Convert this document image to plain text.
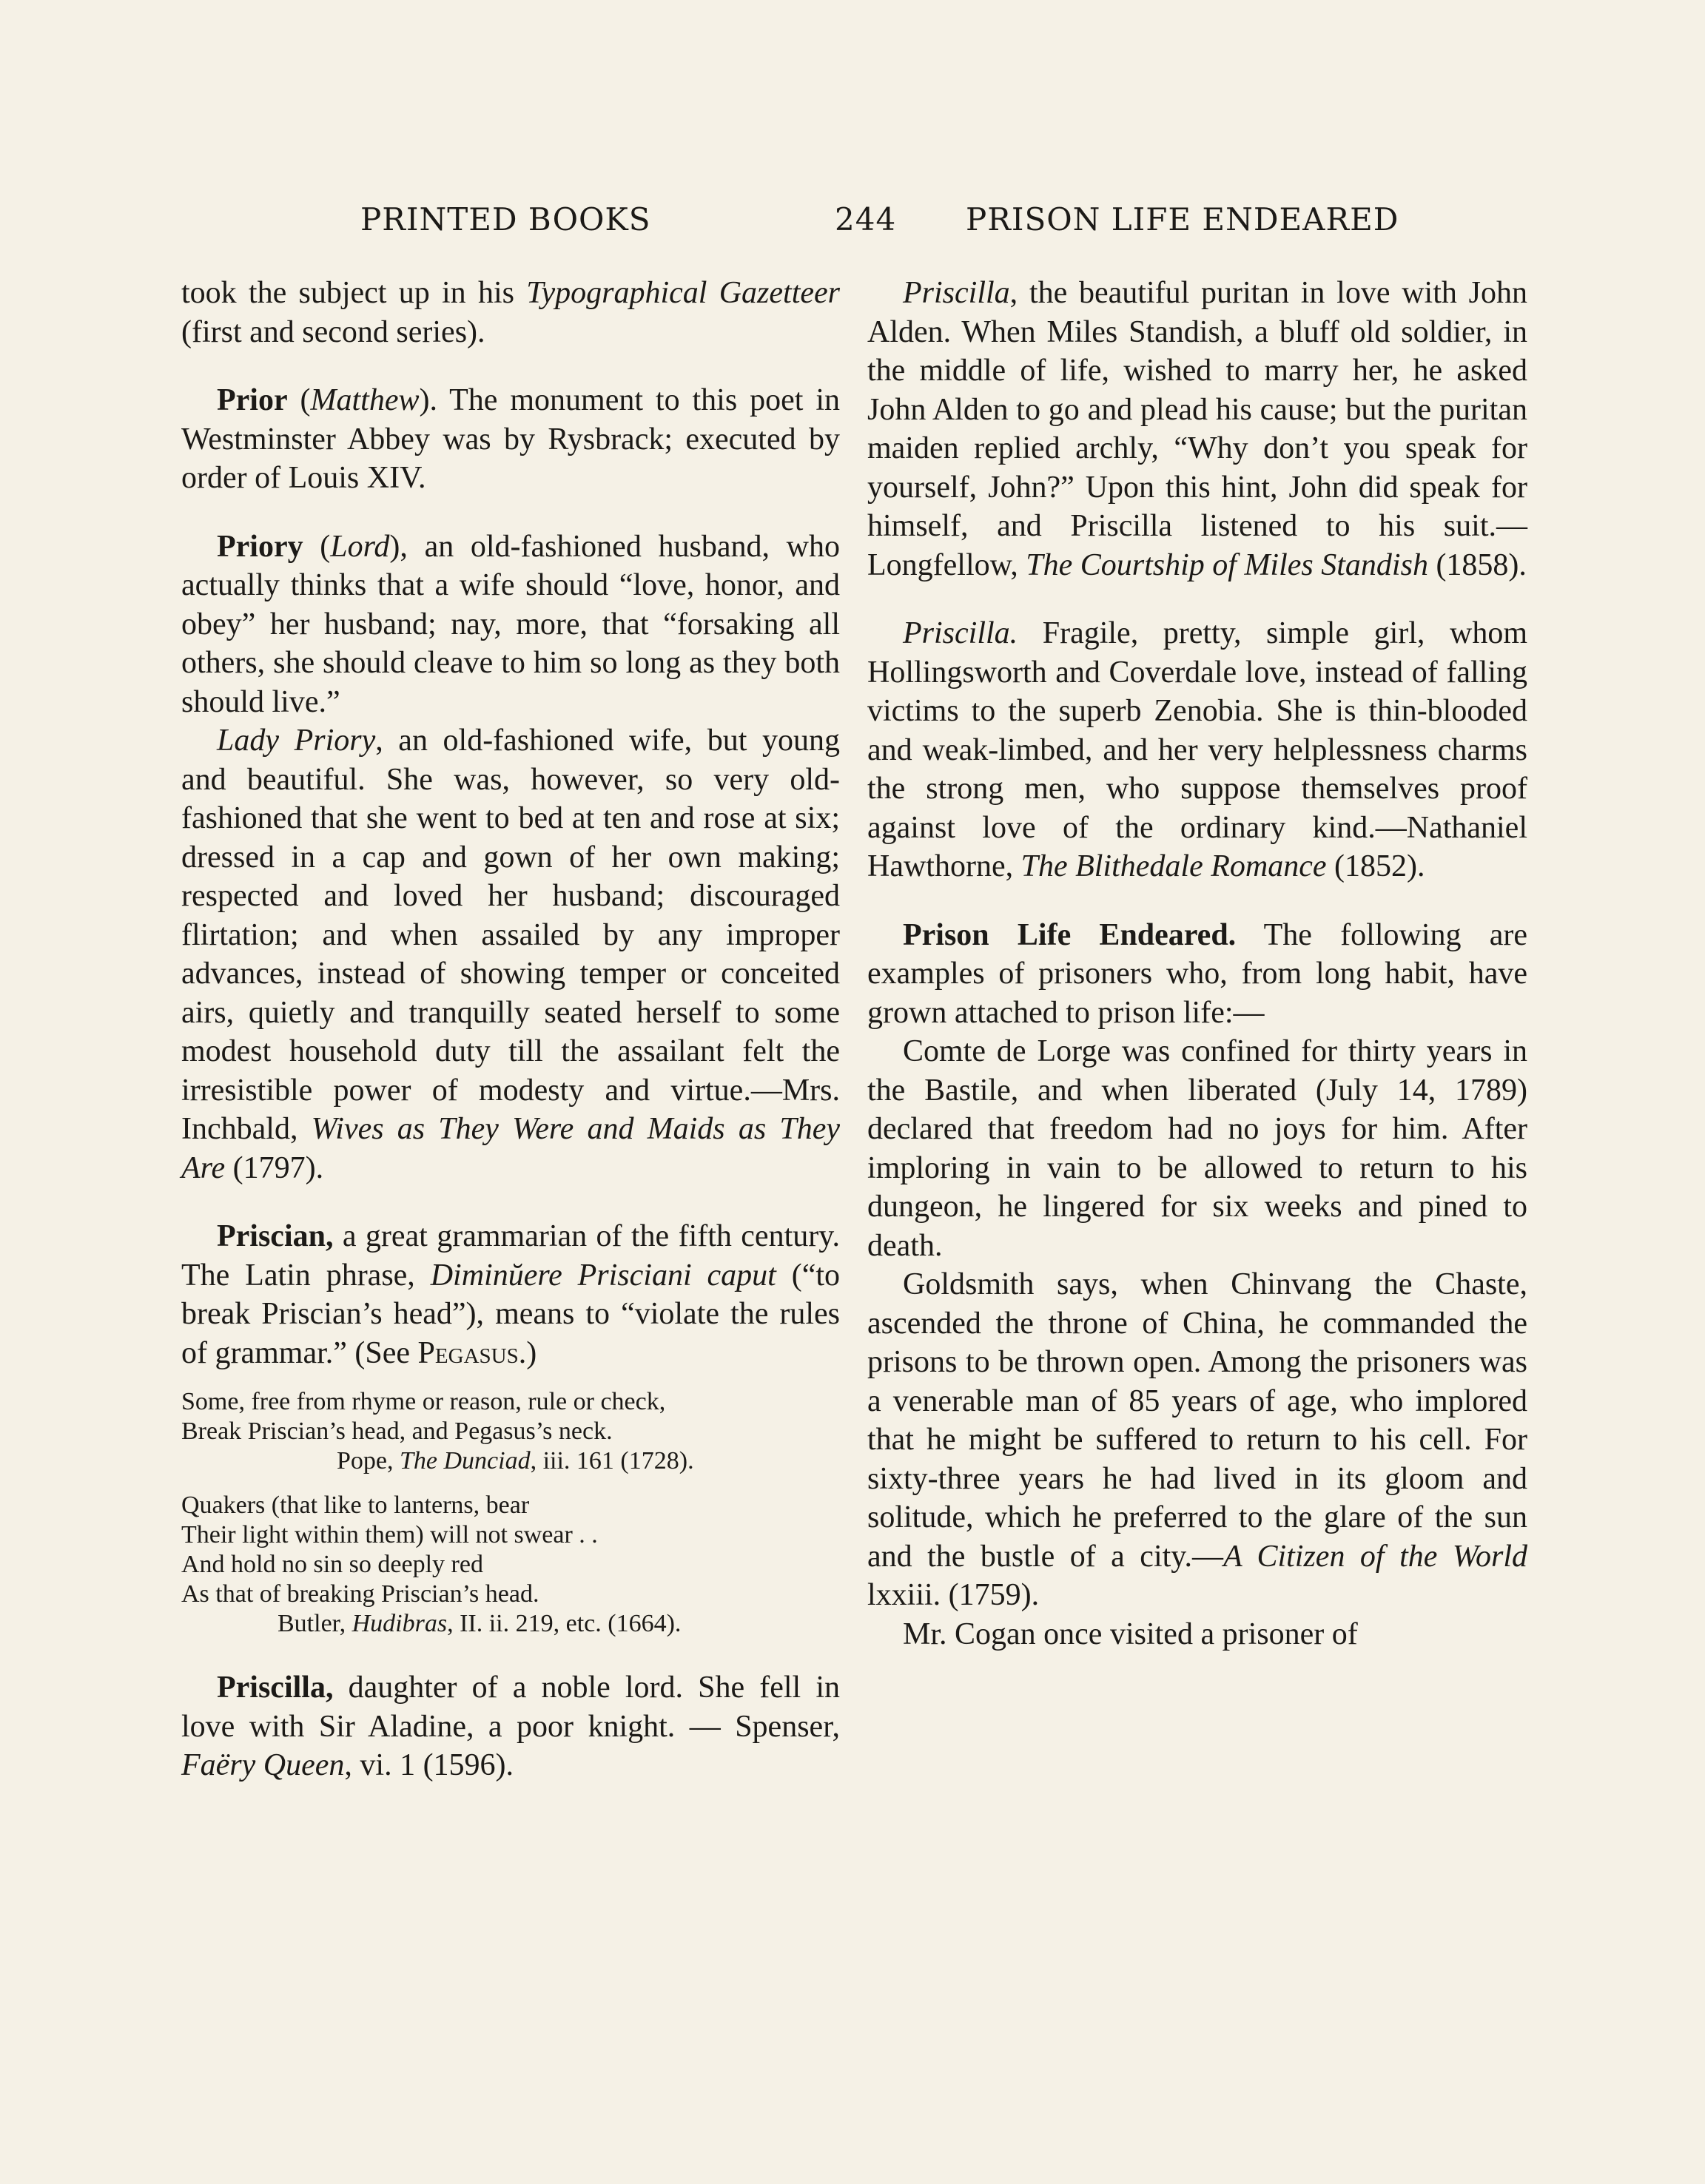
PRINTED BOOKS	244 PRISON LIFE ENDEARED

took the subject up in his Typographical Gazetteer (first and second series).

Prior (Matthew). The monument to this poet in Westminster Abbey was by Rysbrack; executed by order of Louis XIV.

Priory (Lord), an old-fashioned husband, who actually thinks that a wife should “love, honor, and obey” her husband; nay, more, that “forsaking all others, she should cleave to him so long as they both should live.”

Lady Priory, an old-fashioned wife, but young and beautiful. She was, however, so very old-fashioned that she went to bed at ten and rose at six; dressed in a cap and gown of her own making; respected and loved her husband; discouraged flirtation; and when assailed by any improper advances, instead of showing temper or conceited airs, quietly and tranquilly seated herself to some modest household duty till the assailant felt the irresistible power of modesty and virtue.—Mrs. Inchbald, Wives as They Were and Maids as They Are (1797).

Priscian, a great grammarian of the fifth century. The Latin phrase, Diminŭere Prisciani caput (“to break Priscian’s head”), means to “violate the rules of grammar.” (See Pegasus.)

Some, free from rhyme or reason, rule or check,
Break Priscian’s head, and Pegasus’s neck.
Pope, The Dunciad, iii. 161 (1728).
Quakers (that like to lanterns, bear
Their light within them) will not swear . .
And hold no sin so deeply red
As that of breaking Priscian’s head.
Butler, Hudibras, II. ii. 219, etc. (1664).

Priscilla, daughter of a noble lord. She fell in love with Sir Aladine, a poor knight. — Spenser, Faëry Queen, vi. 1 (1596).

Priscilla, the beautiful puritan in love with John Alden. When Miles Standish, a bluff old soldier, in the middle of life, wished to marry her, he asked John Alden to go and plead his cause; but the puritan maiden replied archly, “Why don’t you speak for yourself, John?” Upon this hint, John did speak for himself, and Priscilla listened to his suit.—Longfellow, The Courtship of Miles Standish (1858).

Priscilla. Fragile, pretty, simple girl, whom Hollingsworth and Coverdale love, instead of falling victims to the superb Zenobia. She is thin-blooded and weak-limbed, and her very helplessness charms the strong men, who suppose themselves proof against love of the ordinary kind.—Nathaniel Hawthorne, The Blithedale Romance (1852).

Prison Life Endeared. The following are examples of prisoners who, from long habit, have grown attached to prison life:—

Comte de Lorge was confined for thirty years in the Bastile, and when liberated (July 14, 1789) declared that freedom had no joys for him. After imploring in vain to be allowed to return to his dungeon, he lingered for six weeks and pined to death.

Goldsmith says, when Chinvang the Chaste, ascended the throne of China, he commanded the prisons to be thrown open. Among the prisoners was a venerable man of 85 years of age, who implored that he might be suffered to return to his cell. For sixty-three years he had lived in its gloom and solitude, which he preferred to the glare of the sun and the bustle of a city.—A Citizen of the World lxxiii. (1759).

Mr. Cogan once visited a prisoner of
